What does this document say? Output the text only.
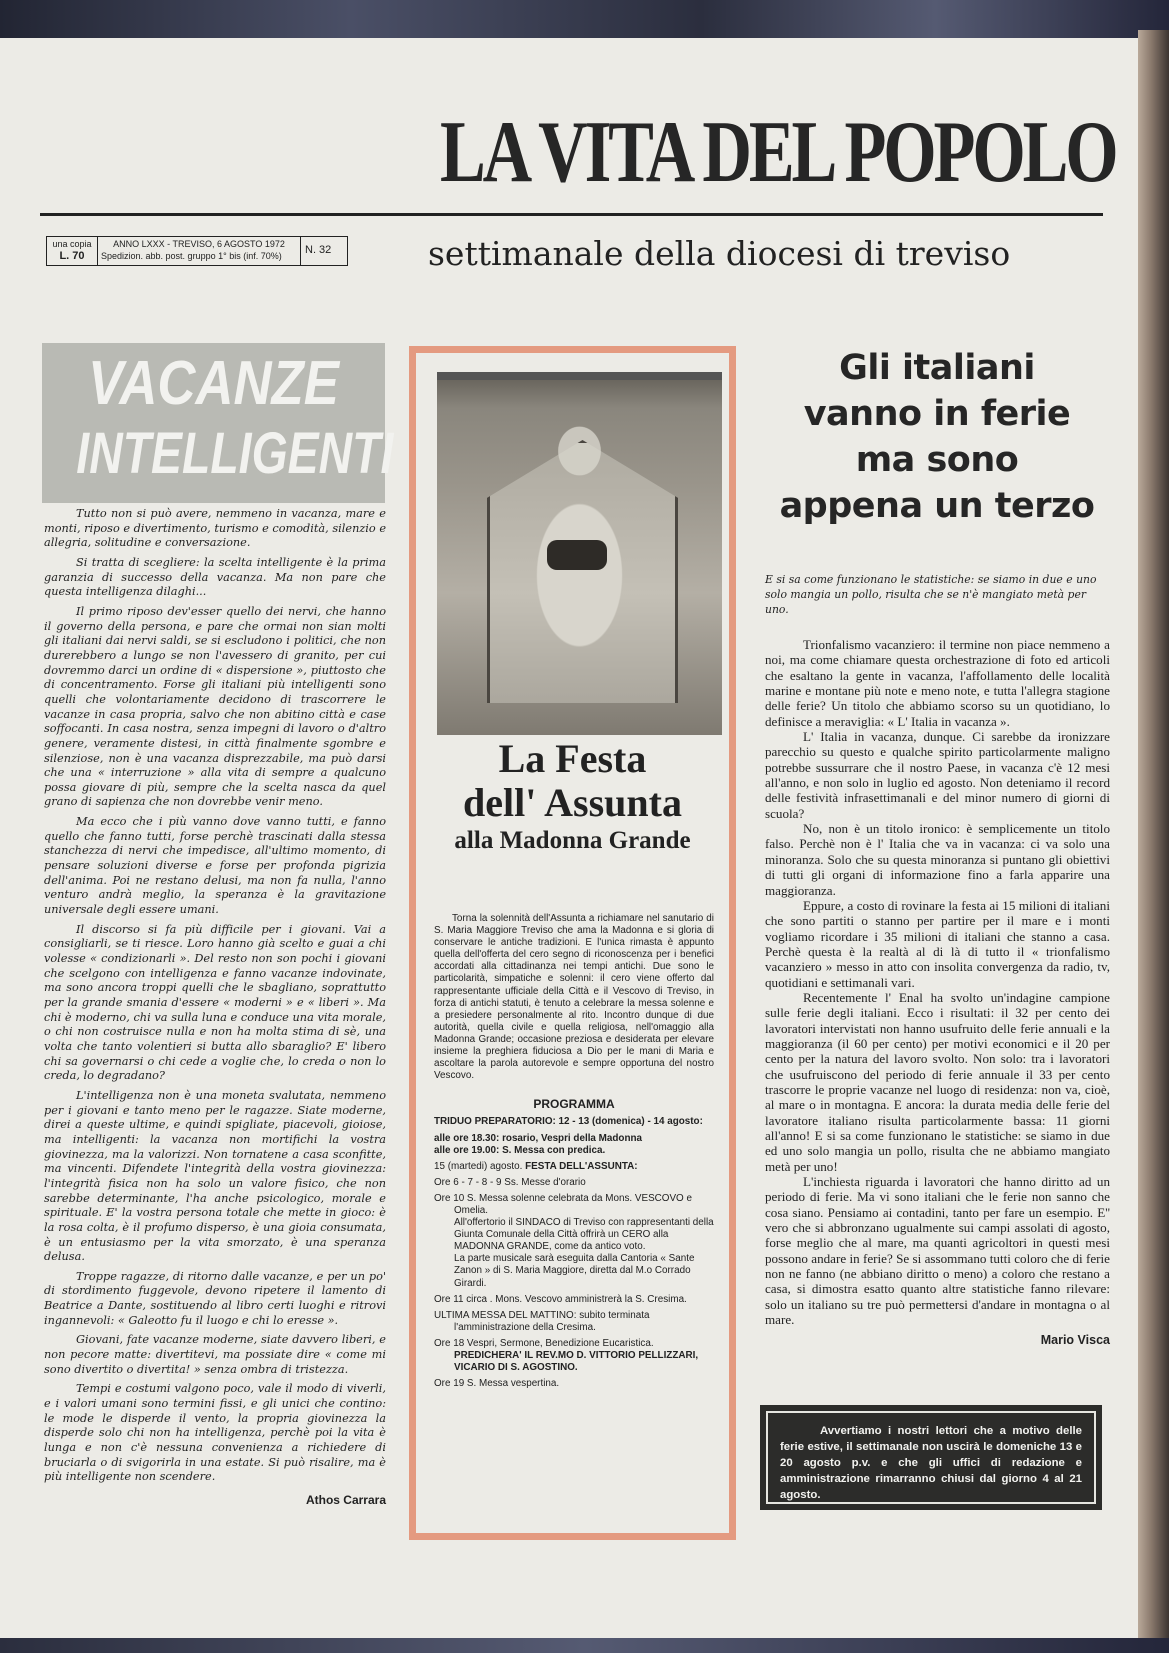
LA VITA DEL POPOLO
settimanale della diocesi di treviso
una copia
L. 70
ANNO LXXX - TREVISO, 6 AGOSTO 1972
Spedizion. abb. post. gruppo 1° bis (inf. 70%)	N. 32
VACANZE
INTELLIGENTI

Tutto non si può avere, nemmeno in vacanza, mare e monti, riposo e divertimento, turismo e comodità, silenzio e allegria, solitudine e conversazione.

Si tratta di scegliere: la scelta intelligente è la prima garanzia di successo della vacanza. Ma non pare che questa intelligenza dilaghi...

Il primo riposo dev'esser quello dei nervi, che hanno il governo della persona, e pare che ormai non sian molti gli italiani dai nervi saldi, se si escludono i politici, che non durerebbero a lungo se non l'avessero di granito, per cui dovremmo darci un ordine di « dispersione », piuttosto che di concentramento. Forse gli italiani più intelligenti sono quelli che volontariamente decidono di trascorrere le vacanze in casa propria, salvo che non abitino città e case soffocanti. In casa nostra, senza impegni di lavoro o d'altro genere, veramente distesi, in città finalmente sgombre e silenziose, non è una vacanza disprezzabile, ma può darsi che una « interruzione » alla vita di sempre a qualcuno possa giovare di più, sempre che la scelta nasca da quel grano di sapienza che non dovrebbe venir meno.

Ma ecco che i più vanno dove vanno tutti, e fanno quello che fanno tutti, forse perchè trascinati dalla stessa stanchezza di nervi che impedisce, all'ultimo momento, di pensare soluzioni diverse e forse per profonda pigrizia dell'anima. Poi ne restano delusi, ma non fa nulla, l'anno venturo andrà meglio, la speranza è la gravitazione universale degli essere umani.

Il discorso si fa più difficile per i giovani. Vai a consigliarli, se ti riesce. Loro hanno già scelto e guai a chi volesse « condizionarli ». Del resto non son pochi i giovani che scelgono con intelligenza e fanno vacanze indovinate, ma sono ancora troppi quelli che le sbagliano, soprattutto per la grande smania d'essere « moderni » e « liberi ». Ma chi è moderno, chi va sulla luna e conduce una vita morale, o chi non costruisce nulla e non ha molta stima di sè, una volta che tanto volentieri si butta allo sbaraglio? E' libero chi sa governarsi o chi cede a voglie che, lo creda o non lo creda, lo degradano?

L'intelligenza non è una moneta svalutata, nemmeno per i giovani e tanto meno per le ragazze. Siate moderne, direi a queste ultime, e quindi spigliate, piacevoli, gioiose, ma intelligenti: la vacanza non mortifichi la vostra giovinezza, ma la valorizzi. Non tornatene a casa sconfitte, ma vincenti. Difendete l'integrità della vostra giovinezza: l'integrità fisica non ha solo un valore fisico, che non sarebbe determinante, l'ha anche psicologico, morale e spirituale. E' la vostra persona totale che mette in gioco: è la rosa colta, è il profumo disperso, è una gioia consumata, è un entusiasmo per la vita smorzato, è una speranza delusa.

Troppe ragazze, di ritorno dalle vacanze, e per un po' di stordimento fuggevole, devono ripetere il lamento di Beatrice a Dante, sostituendo al libro certi luoghi e ritrovi ingannevoli: « Galeotto fu il luogo e chi lo eresse ».

Giovani, fate vacanze moderne, siate davvero liberi, e non pecore matte: divertitevi, ma possiate dire « come mi sono divertito o divertita! » senza ombra di tristezza.

Tempi e costumi valgono poco, vale il modo di viverli, e i valori umani sono termini fissi, e gli unici che contino: le mode le disperde il vento, la propria giovinezza la disperde solo chi non ha intelligenza, perchè poi la vita è lunga e non c'è nessuna convenienza a richiedere di bruciarla o di svigorirla in una estate. Si può risalire, ma è più intelligente non scendere.

Athos Carrara
La Festa
dell' Assunta
alla Madonna Grande

Torna la solennità dell'Assunta a richiamare nel sanutario di S. Maria Maggiore Treviso che ama la Madonna e si gloria di conservare le antiche tradizioni. E l'unica rimasta è appunto quella dell'offerta del cero segno di riconoscenza per i benefici accordati alla cittadinanza nei tempi antichi. Due sono le particolarità, simpatiche e solenni: il cero viene offerto dal rappresentante ufficiale della Città e il Vescovo di Treviso, in forza di antichi statuti, è tenuto a celebrare la messa solenne e a presiedere personalmente al rito. Incontro dunque di due autorità, quella civile e quella religiosa, nell'omaggio alla Madonna Grande; occasione preziosa e desiderata per elevare insieme la preghiera fiduciosa a Dio per le mani di Maria e ascoltare la parola autorevole e sempre opportuna del nostro Vescovo.

PROGRAMMA

TRIDUO PREPARATORIO: 12 - 13 (domenica) - 14 agosto:

alle ore 18.30: rosario, Vespri della Madonna

alle ore 19.00: S. Messa con predica.

15 (martedi) agosto. FESTA DELL'ASSUNTA:

Ore 6 - 7 - 8 - 9 Ss. Messe d'orario

Ore 10 S. Messa solenne celebrata da Mons. VESCOVO e Omelia.

All'offertorio il SINDACO di Treviso con rappresentanti della Giunta Comunale della Città offrirà un CERO alla MADONNA GRANDE, come da antico voto.

La parte musicale sarà eseguita dalla Cantoria « Sante Zanon » di S. Maria Maggiore, diretta dal M.o Corrado Girardi.

Ore 11 circa . Mons. Vescovo amministrerà la S. Cresima.

ULTIMA MESSA DEL MATTINO: subito terminata l'amministrazione della Cresima.

Ore 18 Vespri, Sermone, Benedizione Eucaristica.

PREDICHERA' IL REV.MO D. VITTORIO PELLIZZARI, VICARIO DI S. AGOSTINO.

Ore 19 S. Messa vespertina.

Gli italiani
vanno in ferie
ma sono
appena un terzo
E si sa come funzionano le statistiche: se siamo in due e uno solo mangia un pollo, risulta che se n'è mangiato metà per uno.

Trionfalismo vacanziero: il termine non piace nemmeno a noi, ma come chiamare questa orchestrazione di foto ed articoli che esaltano la gente in vacanza, l'affollamento delle località marine e montane più note e meno note, e tutta l'allegra stagione delle ferie? Un titolo che abbiamo scorso su un quotidiano, lo definisce a meraviglia: « L' Italia in vacanza ».

L' Italia in vacanza, dunque. Ci sarebbe da ironizzare parecchio su questo e qualche spirito particolarmente maligno potrebbe sussurrare che il nostro Paese, in vacanza c'è 12 mesi all'anno, e non solo in luglio ed agosto. Non deteniamo il record delle festività infrasettimanali e del minor numero di giorni di scuola?

No, non è un titolo ironico: è semplicemente un titolo falso. Perchè non è l' Italia che va in vacanza: ci va solo una minoranza. Solo che su questa minoranza si puntano gli obiettivi di tutti gli organi di informazione fino a farla apparire una maggioranza.

Eppure, a costo di rovinare la festa ai 15 milioni di italiani che sono partiti o stanno per partire per il mare e i monti vogliamo ricordare i 35 milioni di italiani che stanno a casa. Perchè questa è la realtà al di là di tutto il « trionfalismo vacanziero » messo in atto con insolita convergenza da radio, tv, quotidiani e settimanali vari.

Recentemente l' Enal ha svolto un'indagine campione sulle ferie degli italiani. Ecco i risultati: il 32 per cento dei lavoratori intervistati non hanno usufruito delle ferie annuali e la maggioranza (il 60 per cento) per motivi economici e il 20 per cento per la natura del lavoro svolto. Non solo: tra i lavoratori che usufruiscono del periodo di ferie annuale il 33 per cento trascorre le proprie vacanze nel luogo di residenza: non va, cioè, al mare o in montagna. E ancora: la durata media delle ferie del lavoratore italiano risulta particolarmente bassa: 11 giorni all'anno! E si sa come funzionano le statistiche: se siamo in due ed uno solo mangia un pollo, risulta che ne abbiamo mangiato metà per uno!

L'inchiesta riguarda i lavoratori che hanno diritto ad un periodo di ferie. Ma vi sono italiani che le ferie non sanno che cosa siano. Pensiamo ai contadini, tanto per fare un esempio. E'' vero che si abbronzano ugualmente sui campi assolati di agosto, forse meglio che al mare, ma quanti agricoltori in questi mesi possono andare in ferie? Se si assommano tutti coloro che di ferie non ne fanno (ne abbiano diritto o meno) a coloro che restano a casa, si dimostra esatto quanto altre statistiche fanno rilevare: solo un italiano su tre può permettersi d'andare in montagna o al mare.

Mario Visca
Avvertiamo i nostri lettori che a motivo delle ferie estive, il settimanale non uscirà le domeniche 13 e 20 agosto p.v. e che gli uffici di redazione e amministrazione rimarranno chiusi dal giorno 4 al 21 agosto.
